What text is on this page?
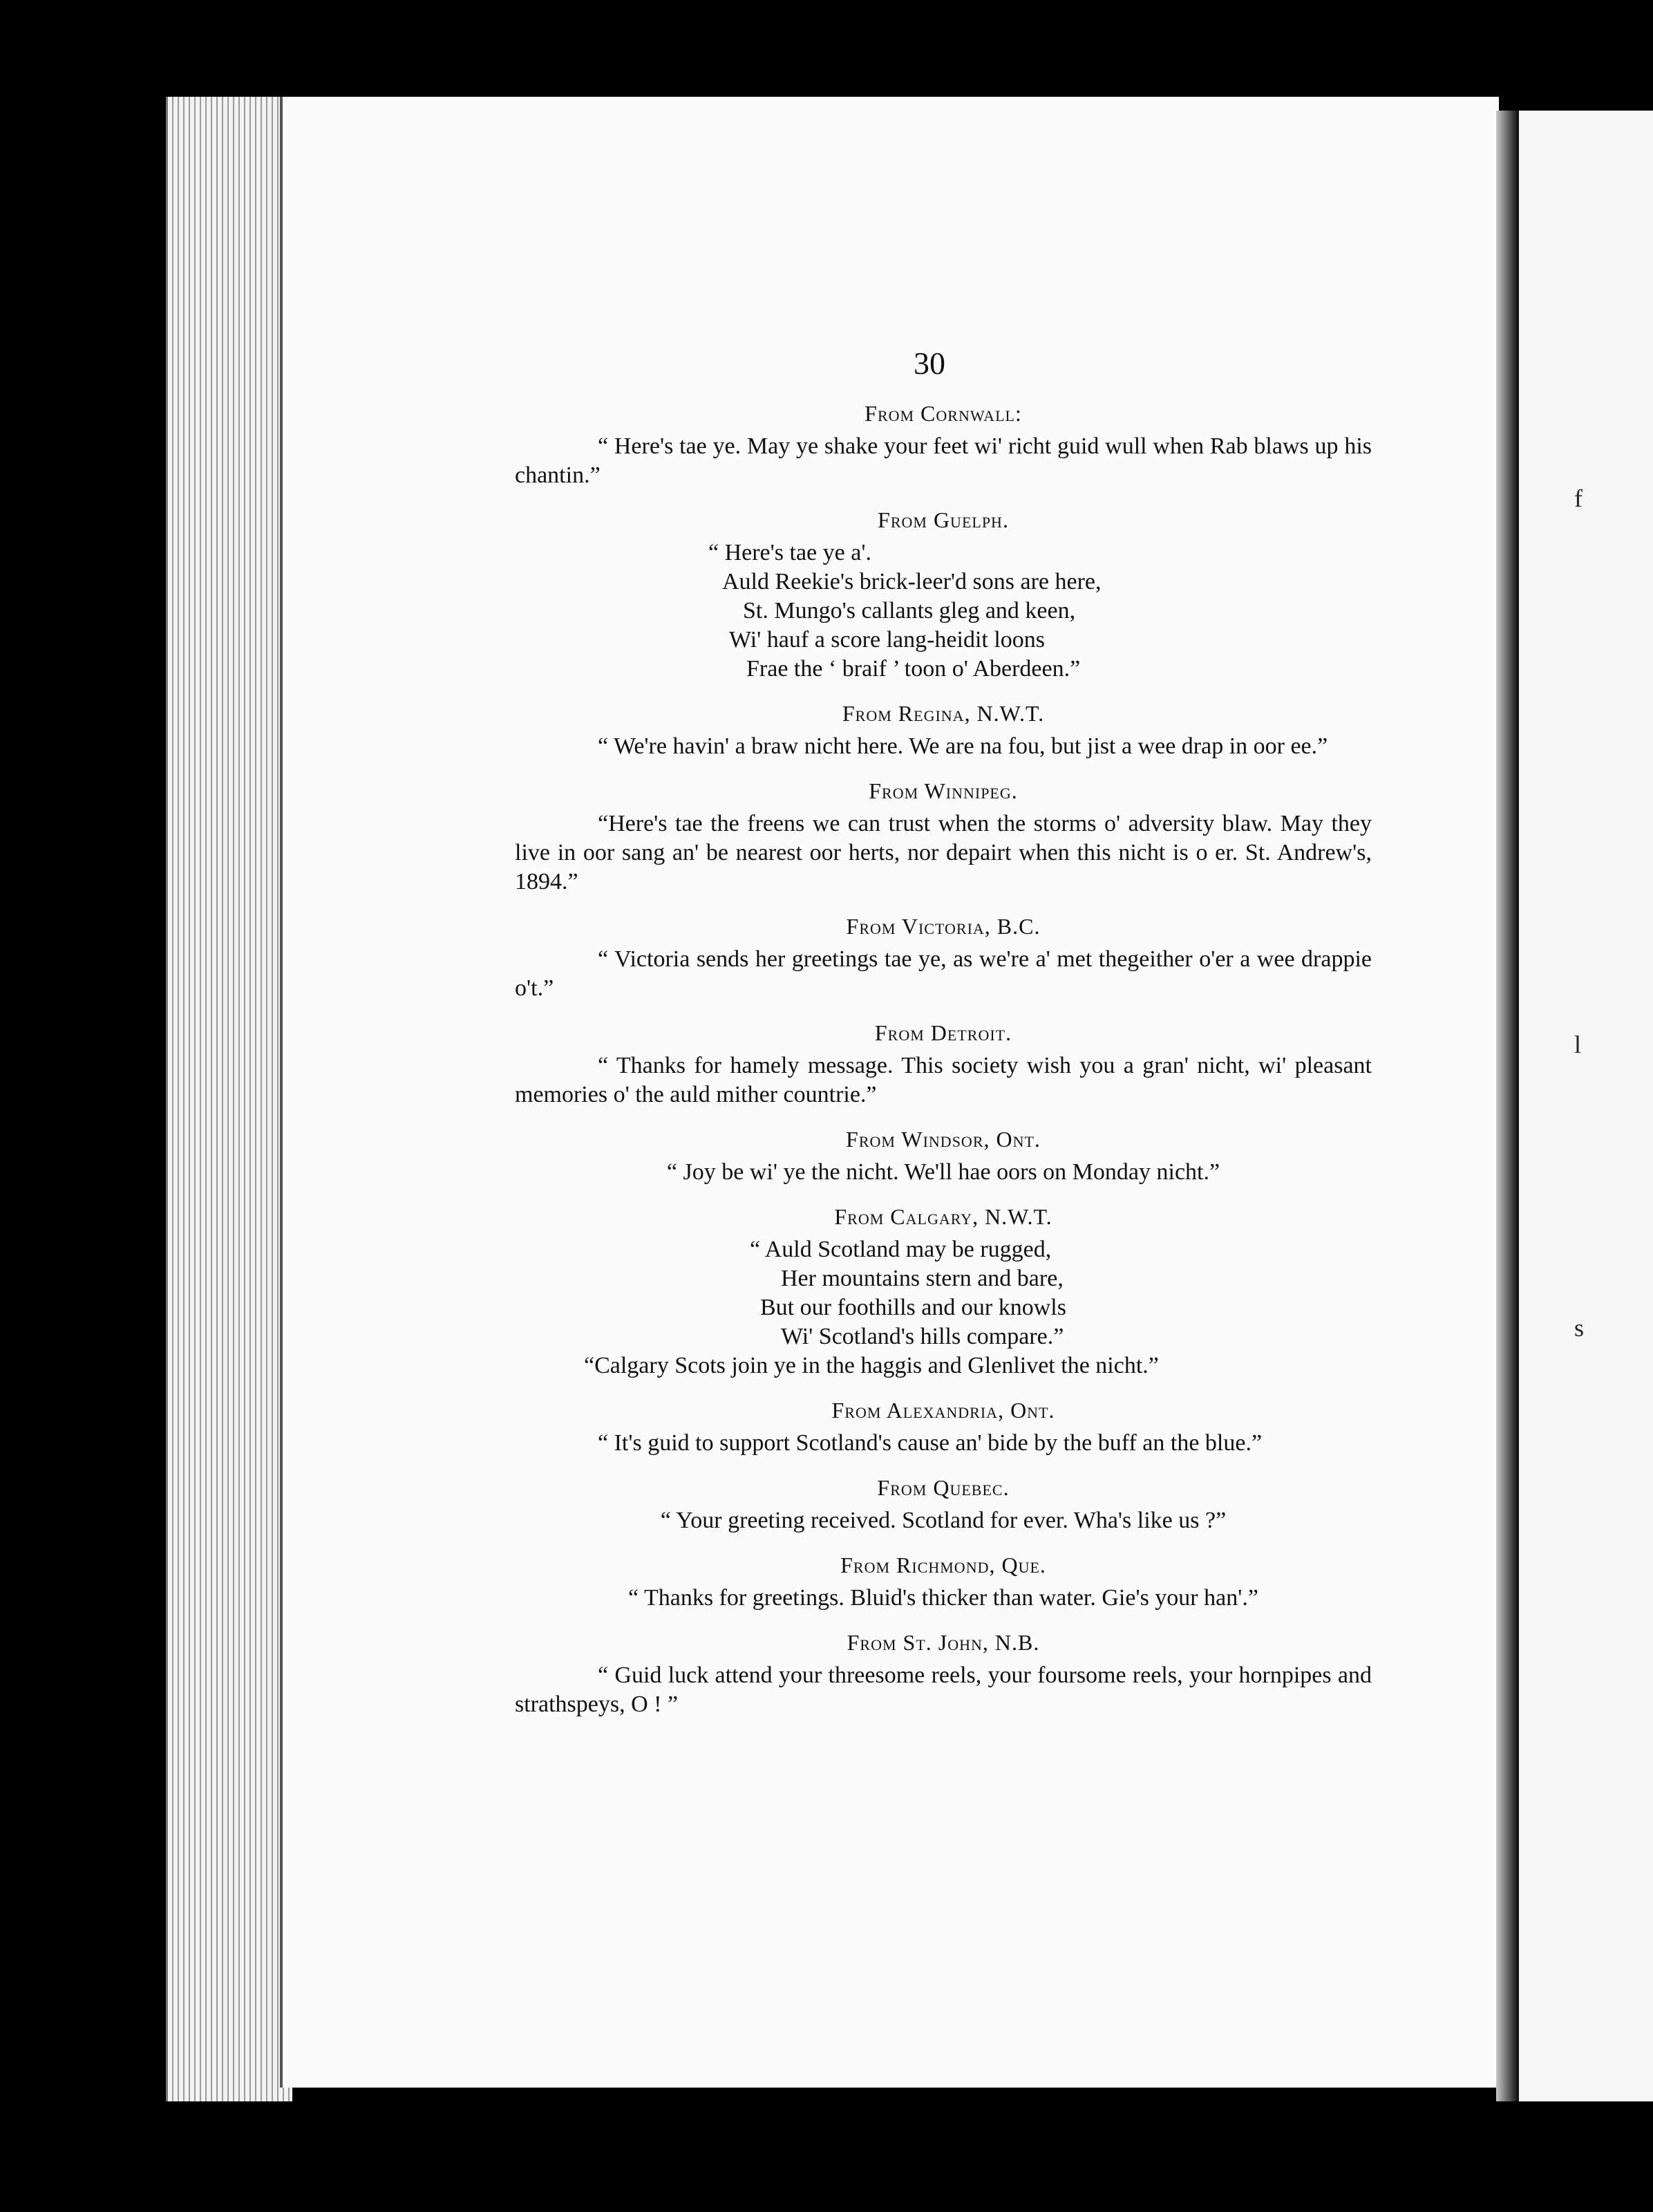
f
l
s
30
From Cornwall:

“ Here's tae ye. May ye shake your feet wi' richt guid wull when Rab blaws up his chantin.”

From Guelph.

“ Here's tae ye a'.

Auld Reekie's brick-leer'd sons are here,

St. Mungo's callants gleg and keen,

Wi' hauf a score lang-heidit loons

Frae the ‘ braif ’ toon o' Aberdeen.”

From Regina, N.W.T.

“ We're havin' a braw nicht here. We are na fou, but jist a wee drap in oor ee.”

From Winnipeg.

“Here's tae the freens we can trust when the storms o' adversity blaw. May they live in oor sang an' be nearest oor herts, nor depairt when this nicht is o er. St. Andrew's, 1894.”

From Victoria, B.C.

“ Victoria sends her greetings tae ye, as we're a' met thegeither o'er a wee drappie o't.”

From Detroit.

“ Thanks for hamely message. This society wish you a gran' nicht, wi' pleasant memories o' the auld mither countrie.”

From Windsor, Ont.

“ Joy be wi' ye the nicht. We'll hae oors on Monday nicht.”

From Calgary, N.W.T.

“ Auld Scotland may be rugged,

Her mountains stern and bare,

But our foothills and our knowls

Wi' Scotland's hills compare.”

“Calgary Scots join ye in the haggis and Glenlivet the nicht.”

From Alexandria, Ont.

“ It's guid to support Scotland's cause an' bide by the buff an the blue.”

From Quebec.

“ Your greeting received. Scotland for ever. Wha's like us ?”

From Richmond, Que.

“ Thanks for greetings. Bluid's thicker than water. Gie's your han'.”

From St. John, N.B.

“ Guid luck attend your threesome reels, your foursome reels, your hornpipes and strathspeys, O ! ”
